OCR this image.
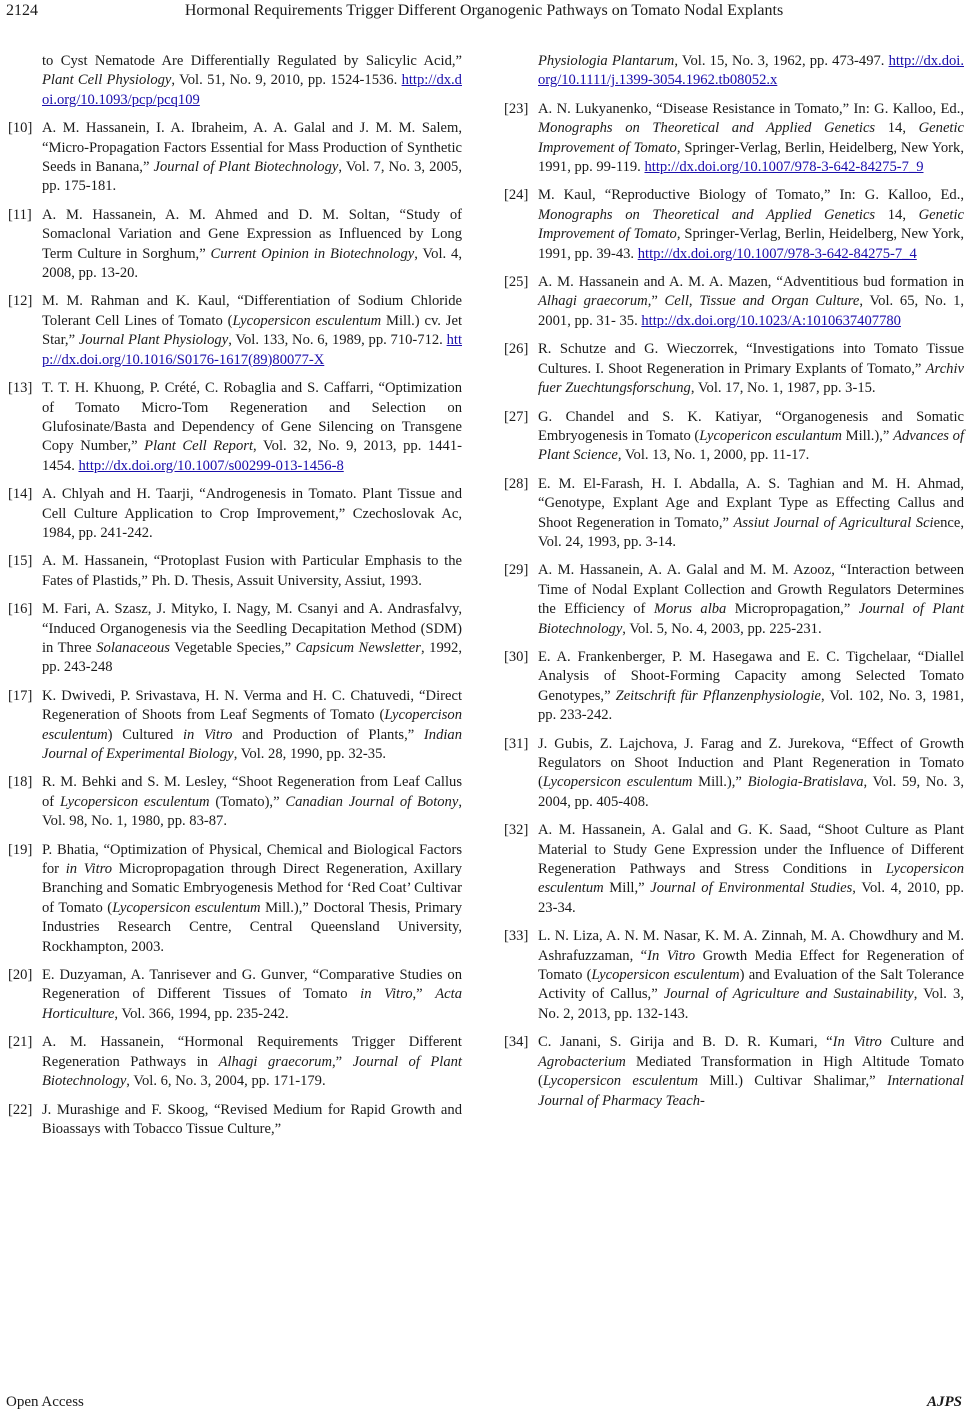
2124	Hormonal Requirements Trigger Different Organogenic Pathways on Tomato Nodal Explants
to Cyst Nematode Are Differentially Regulated by Salicylic Acid,” Plant Cell Physiology, Vol. 51, No. 9, 2010, pp. 1524-1536. http://dx.doi.org/10.1093/pcp/pcq109
[10] A. M. Hassanein, I. A. Ibraheim, A. A. Galal and J. M. M. Salem, “Micro-Propagation Factors Essential for Mass Production of Synthetic Seeds in Banana,” Journal of Plant Biotechnology, Vol. 7, No. 3, 2005, pp. 175-181.
[11] A. M. Hassanein, A. M. Ahmed and D. M. Soltan, “Study of Somaclonal Variation and Gene Expression as Influenced by Long Term Culture in Sorghum,” Current Opinion in Biotechnology, Vol. 4, 2008, pp. 13-20.
[12] M. M. Rahman and K. Kaul, “Differentiation of Sodium Chloride Tolerant Cell Lines of Tomato (Lycopersicon esculentum Mill.) cv. Jet Star,” Journal Plant Physiology, Vol. 133, No. 6, 1989, pp. 710-712. http://dx.doi.org/10.1016/S0176-1617(89)80077-X
[13] T. T. H. Khuong, P. Crété, C. Robaglia and S. Caffarri, “Optimization of Tomato Micro-Tom Regeneration and Selection on Glufosinate/Basta and Dependency of Gene Silencing on Transgene Copy Number,” Plant Cell Report, Vol. 32, No. 9, 2013, pp. 1441-1454. http://dx.doi.org/10.1007/s00299-013-1456-8
[14] A. Chlyah and H. Taarji, “Androgenesis in Tomato. Plant Tissue and Cell Culture Application to Crop Improvement,” Czechoslovak Ac, 1984, pp. 241-242.
[15] A. M. Hassanein, “Protoplast Fusion with Particular Emphasis to the Fates of Plastids,” Ph. D. Thesis, Assuit University, Assiut, 1993.
[16] M. Fari, A. Szasz, J. Mityko, I. Nagy, M. Csanyi and A. Andrasfalvy, “Induced Organogenesis via the Seedling Decapitation Method (SDM) in Three Solanaceous Vegetable Species,” Capsicum Newsletter, 1992, pp. 243-248
[17] K. Dwivedi, P. Srivastava, H. N. Verma and H. C. Chatuvedi, “Direct Regeneration of Shoots from Leaf Segments of Tomato (Lycopercison esculentum) Cultured in Vitro and Production of Plants,” Indian Journal of Experimental Biology, Vol. 28, 1990, pp. 32-35.
[18] R. M. Behki and S. M. Lesley, “Shoot Regeneration from Leaf Callus of Lycopersicon esculentum (Tomato),” Canadian Journal of Botony, Vol. 98, No. 1, 1980, pp. 83-87.
[19] P. Bhatia, “Optimization of Physical, Chemical and Biological Factors for in Vitro Micropropagation through Direct Regeneration, Axillary Branching and Somatic Embryogenesis Method for ‘Red Coat’ Cultivar of Tomato (Lycopersicon esculentum Mill.),” Doctoral Thesis, Primary Industries Research Centre, Central Queensland University, Rockhampton, 2003.
[20] E. Duzyaman, A. Tanrisever and G. Gunver, “Comparative Studies on Regeneration of Different Tissues of Tomato in Vitro,” Acta Horticulture, Vol. 366, 1994, pp. 235-242.
[21] A. M. Hassanein, “Hormonal Requirements Trigger Different Regeneration Pathways in Alhagi graecorum,” Journal of Plant Biotechnology, Vol. 6, No. 3, 2004, pp. 171-179.
[22] J. Murashige and F. Skoog, “Revised Medium for Rapid Growth and Bioassays with Tobacco Tissue Culture,”
Physiologia Plantarum, Vol. 15, No. 3, 1962, pp. 473-497. http://dx.doi.org/10.1111/j.1399-3054.1962.tb08052.x
[23] A. N. Lukyanenko, “Disease Resistance in Tomato,” In: G. Kalloo, Ed., Monographs on Theoretical and Applied Genetics 14, Genetic Improvement of Tomato, Springer-Verlag, Berlin, Heidelberg, New York, 1991, pp. 99-119. http://dx.doi.org/10.1007/978-3-642-84275-7_9
[24] M. Kaul, “Reproductive Biology of Tomato,” In: G. Kalloo, Ed., Monographs on Theoretical and Applied Genetics 14, Genetic Improvement of Tomato, Springer-Verlag, Berlin, Heidelberg, New York, 1991, pp. 39-43. http://dx.doi.org/10.1007/978-3-642-84275-7_4
[25] A. M. Hassanein and A. M. A. Mazen, “Adventitious bud formation in Alhagi graecorum,” Cell, Tissue and Organ Culture, Vol. 65, No. 1, 2001, pp. 31- 35. http://dx.doi.org/10.1023/A:1010637407780
[26] R. Schutze and G. Wieczorrek, “Investigations into Tomato Tissue Cultures. I. Shoot Regeneration in Primary Explants of Tomato,” Archiv fuer Zuechtungsforschung, Vol. 17, No. 1, 1987, pp. 3-15.
[27] G. Chandel and S. K. Katiyar, “Organogenesis and Somatic Embryogenesis in Tomato (Lycopericon esculantum Mill.),” Advances of Plant Science, Vol. 13, No. 1, 2000, pp. 11-17.
[28] E. M. El-Farash, H. I. Abdalla, A. S. Taghian and M. H. Ahmad, “Genotype, Explant Age and Explant Type as Effecting Callus and Shoot Regeneration in Tomato,” Assiut Journal of Agricultural Science, Vol. 24, 1993, pp. 3-14.
[29] A. M. Hassanein, A. A. Galal and M. M. Azooz, “Interaction between Time of Nodal Explant Collection and Growth Regulators Determines the Efficiency of Morus alba Micropropagation,” Journal of Plant Biotechnology, Vol. 5, No. 4, 2003, pp. 225-231.
[30] E. A. Frankenberger, P. M. Hasegawa and E. C. Tigchelaar, “Diallel Analysis of Shoot-Forming Capacity among Selected Tomato Genotypes,” Zeitschrift für Pflanzenphysiologie, Vol. 102, No. 3, 1981, pp. 233-242.
[31] J. Gubis, Z. Lajchova, J. Farag and Z. Jurekova, “Effect of Growth Regulators on Shoot Induction and Plant Regeneration in Tomato (Lycopersicon esculentum Mill.),” Biologia-Bratislava, Vol. 59, No. 3, 2004, pp. 405-408.
[32] A. M. Hassanein, A. Galal and G. K. Saad, “Shoot Culture as Plant Material to Study Gene Expression under the Influence of Different Regeneration Pathways and Stress Conditions in Lycopersicon esculentum Mill,” Journal of Environmental Studies, Vol. 4, 2010, pp. 23-34.
[33] L. N. Liza, A. N. M. Nasar, K. M. A. Zinnah, M. A. Chowdhury and M. Ashrafuzzaman, “In Vitro Growth Media Effect for Regeneration of Tomato (Lycopersicon esculentum) and Evaluation of the Salt Tolerance Activity of Callus,” Journal of Agriculture and Sustainability, Vol. 3, No. 2, 2013, pp. 132-143.
[34] C. Janani, S. Girija and B. D. R. Kumari, “In Vitro Culture and Agrobacterium Mediated Transformation in High Altitude Tomato (Lycopersicon esculentum Mill.) Cultivar Shalimar,” International Journal of Pharmacy Teach-
Open Access	AJPS
